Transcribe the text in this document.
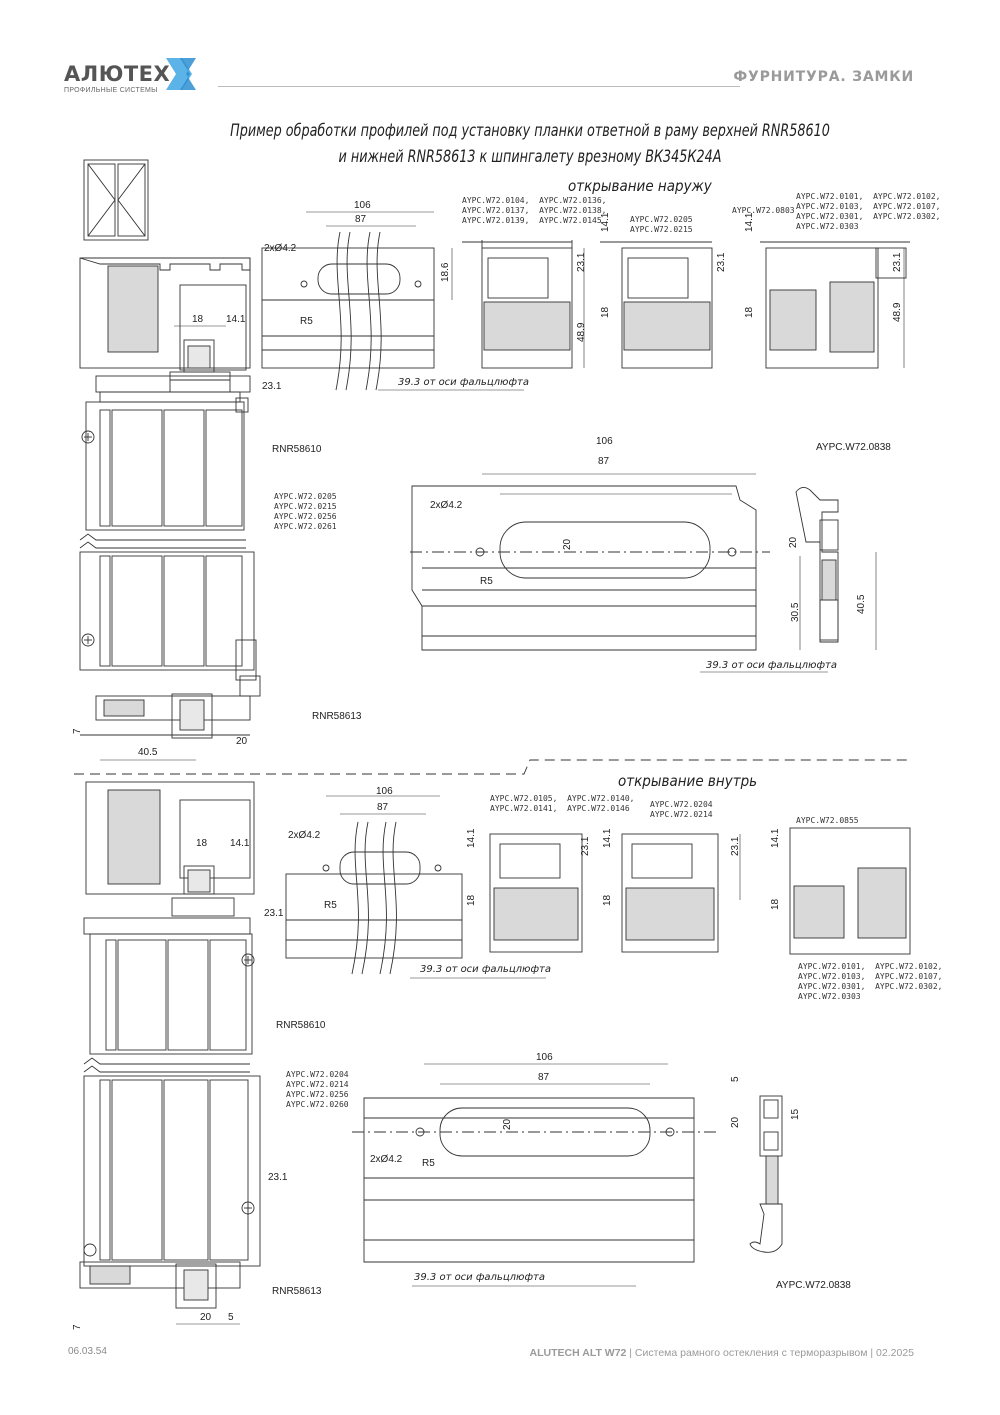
АЛЮТЕХ
ПРОФИЛЬНЫЕ СИСТЕМЫ
ФУРНИТУРА. ЗАМКИ
Пример обработки профилей под установку планки ответной в раму верхней RNR58610
и нижней RNR58613 к шпингалету врезному ВК345К24А
открывание наружу
AYPC.W72.0104,  AYPC.W72.0136,
AYPC.W72.0137,  AYPC.W72.0138,
AYPC.W72.0139,  AYPC.W72.0145	AYPC.W72.0205
AYPC.W72.0215
AYPC.W72.0803
AYPC.W72.0101,  AYPC.W72.0102,
AYPC.W72.0103,  AYPC.W72.0107,
AYPC.W72.0301,  AYPC.W72.0302,
AYPC.W72.0303
106
87
2xØ4.2
R5
18 14.1
23.1
18.6
23.1
48.9
14.1
18
23.1
14.1
18
23.1
48.9
39.3 от оси фальцлюфта
RNR58610
AYPC.W72.0205
AYPC.W72.0215
AYPC.W72.0256
AYPC.W72.0261
RNR58613
40.5
20
7
106
87
2xØ4.2
R5
20
AYPC.W72.0838
20
30.5	40.5
39.3 от оси фальцлюфта
открывание внутрь
AYPC.W72.0105,  AYPC.W72.0140,
AYPC.W72.0141,  AYPC.W72.0146	AYPC.W72.0204
AYPC.W72.0214
AYPC.W72.0855
AYPC.W72.0101,  AYPC.W72.0102,
AYPC.W72.0103,  AYPC.W72.0107,
AYPC.W72.0301,  AYPC.W72.0302,
AYPC.W72.0303
106
87
2xØ4.2
R5
18 14.1
23.1
14.1
18
23.1 14.1
18
23.1	14.1
18
39.3 от оси фальцлюфта
RNR58610
AYPC.W72.0204
AYPC.W72.0214
AYPC.W72.0256
AYPC.W72.0260
23.1
RNR58613
20 5
7
106
87
2xØ4.2 R5
20
5
20
15
39.3 от оси фальцлюфта
AYPC.W72.0838
06.03.54	ALUTECH ALT W72 | Система рамного остекления с терморазрывом | 02.2025
